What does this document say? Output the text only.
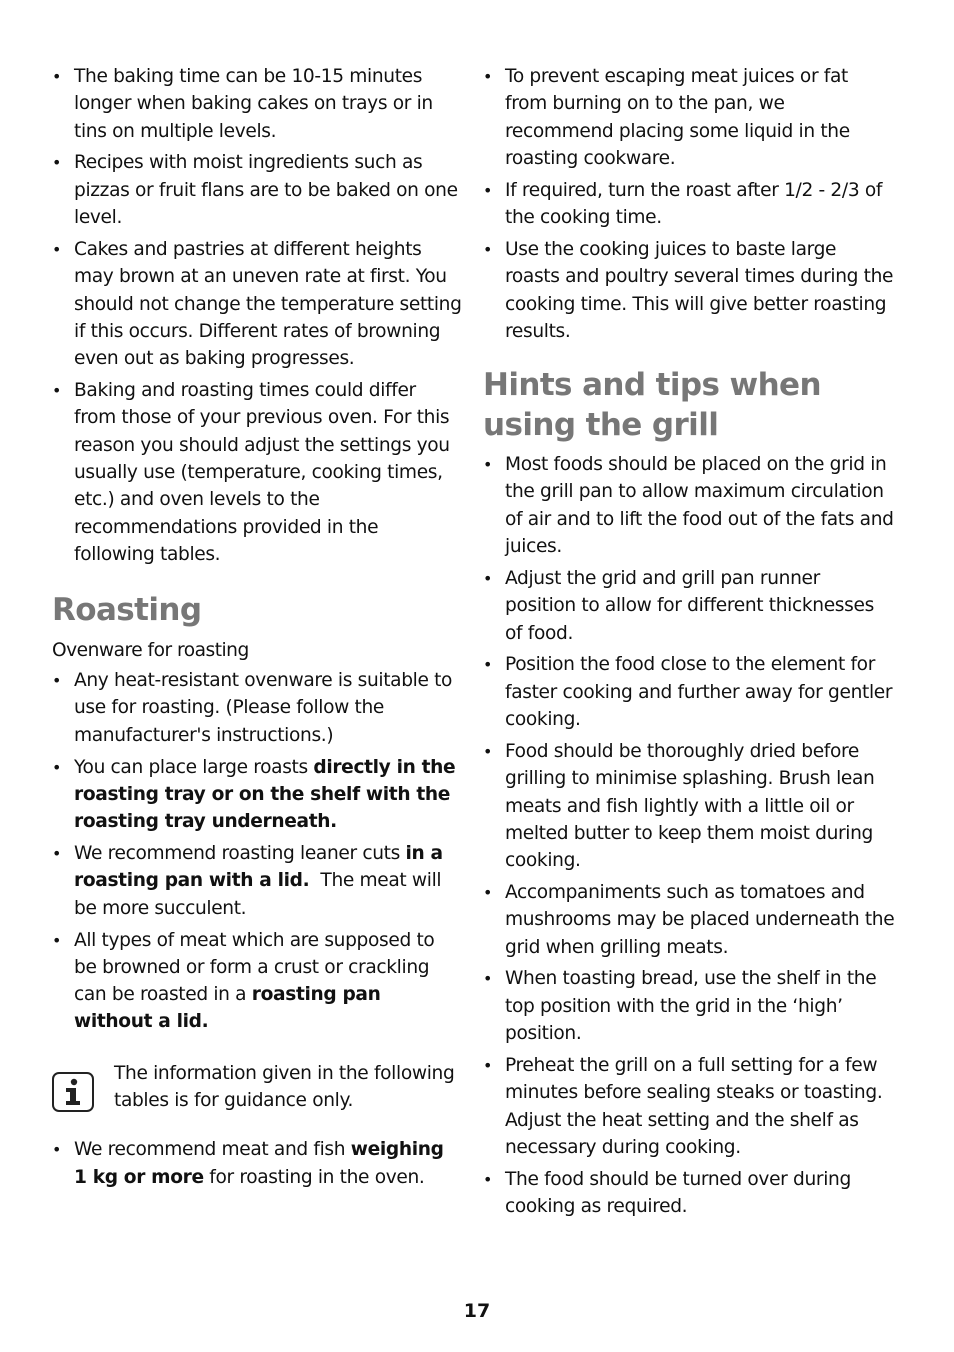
• The baking time can be 10-15 minutes longer when baking cakes on trays or in tins on multiple levels.
• Recipes with moist ingredients such as pizzas or fruit flans are to be baked on one level.
• Cakes and pastries at different heights may brown at an uneven rate at first. You should not change the temperature setting if this occurs. Different rates of browning even out as baking progresses.
• Baking and roasting times could differ from those of your previous oven. For this reason you should adjust the settings you usually use (temperature, cooking times, etc.) and oven levels to the recommendations provided in the following tables.
Roasting
Ovenware for roasting
• Any heat-resistant ovenware is suitable to use for roasting. (Please follow the manufacturer's instructions.)
• You can place large roasts directly in the roasting tray or on the shelf with the roasting tray underneath.
• We recommend roasting leaner cuts in a roasting pan with a lid.  The meat will be more succulent.
• All types of meat which are supposed to be browned or form a crust or crackling can be roasted in a roasting pan without a lid.
The information given in the following tables is for guidance only.
• We recommend meat and fish weighing 1 kg or more for roasting in the oven.
• To prevent escaping meat juices or fat from burning on to the pan, we recommend placing some liquid in the roasting cookware.
• If required, turn the roast after 1/2 - 2/3 of the cooking time.
• Use the cooking juices to baste large roasts and poultry several times during the cooking time. This will give better roasting results.
Hints and tips when using the grill
• Most foods should be placed on the grid in the grill pan to allow maximum circulation of air and to lift the food out of the fats and juices.
• Adjust the grid and grill pan runner position to allow for different thicknesses of food.
• Position the food close to the element for faster cooking and further away for gentler cooking.
• Food should be thoroughly dried before grilling to minimise splashing. Brush lean meats and fish lightly with a little oil or melted butter to keep them moist during cooking.
• Accompaniments such as tomatoes and mushrooms may be placed underneath the grid when grilling meats.
• When toasting bread, use the shelf in the top position with the grid in the ‘high’ position.
• Preheat the grill on a full setting for a few minutes before sealing steaks or toasting. Adjust the heat setting and the shelf as necessary during cooking.
• The food should be turned over during cooking as required.
17
